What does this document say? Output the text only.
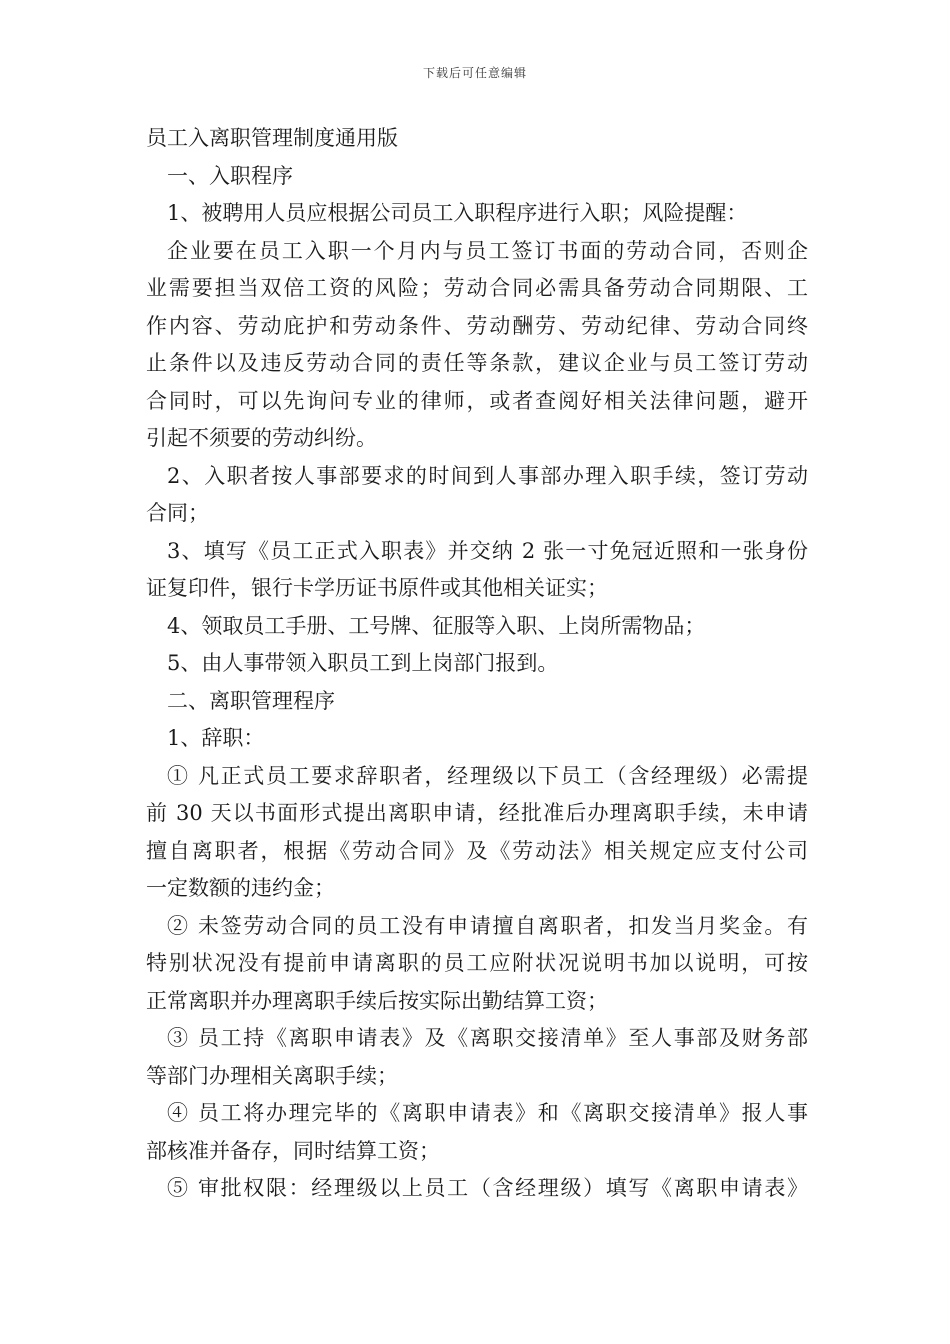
下载后可任意编辑
员工入离职管理制度通用版
一、入职程序
1、被聘用人员应根据公司员工入职程序进行入职；风险提醒：
企业要在员工入职一个月内与员工签订书面的劳动合同，否则企
业需要担当双倍工资的风险；劳动合同必需具备劳动合同期限、工
作内容、劳动庇护和劳动条件、劳动酬劳、劳动纪律、劳动合同终
止条件以及违反劳动合同的责任等条款，建议企业与员工签订劳动
合同时，可以先询问专业的律师，或者查阅好相关法律问题，避开
引起不须要的劳动纠纷。
2、入职者按人事部要求的时间到人事部办理入职手续，签订劳动
合同；
3、填写《员工正式入职表》并交纳 2 张一寸免冠近照和一张身份
证复印件，银行卡学历证书原件或其他相关证实；
4、领取员工手册、工号牌、征服等入职、上岗所需物品；
5、由人事带领入职员工到上岗部门报到。
二、离职管理程序
1、辞职：
① 凡正式员工要求辞职者，经理级以下员工（含经理级）必需提
前 30 天以书面形式提出离职申请，经批准后办理离职手续，未申请
擅自离职者，根据《劳动合同》及《劳动法》相关规定应支付公司
一定数额的违约金；
② 未签劳动合同的员工没有申请擅自离职者，扣发当月奖金。有
特别状况没有提前申请离职的员工应附状况说明书加以说明，可按
正常离职并办理离职手续后按实际出勤结算工资；
③ 员工持《离职申请表》及《离职交接清单》至人事部及财务部
等部门办理相关离职手续；
④ 员工将办理完毕的《离职申请表》和《离职交接清单》报人事
部核准并备存，同时结算工资；
⑤ 审批权限：经理级以上员工（含经理级）填写《离职申请表》
